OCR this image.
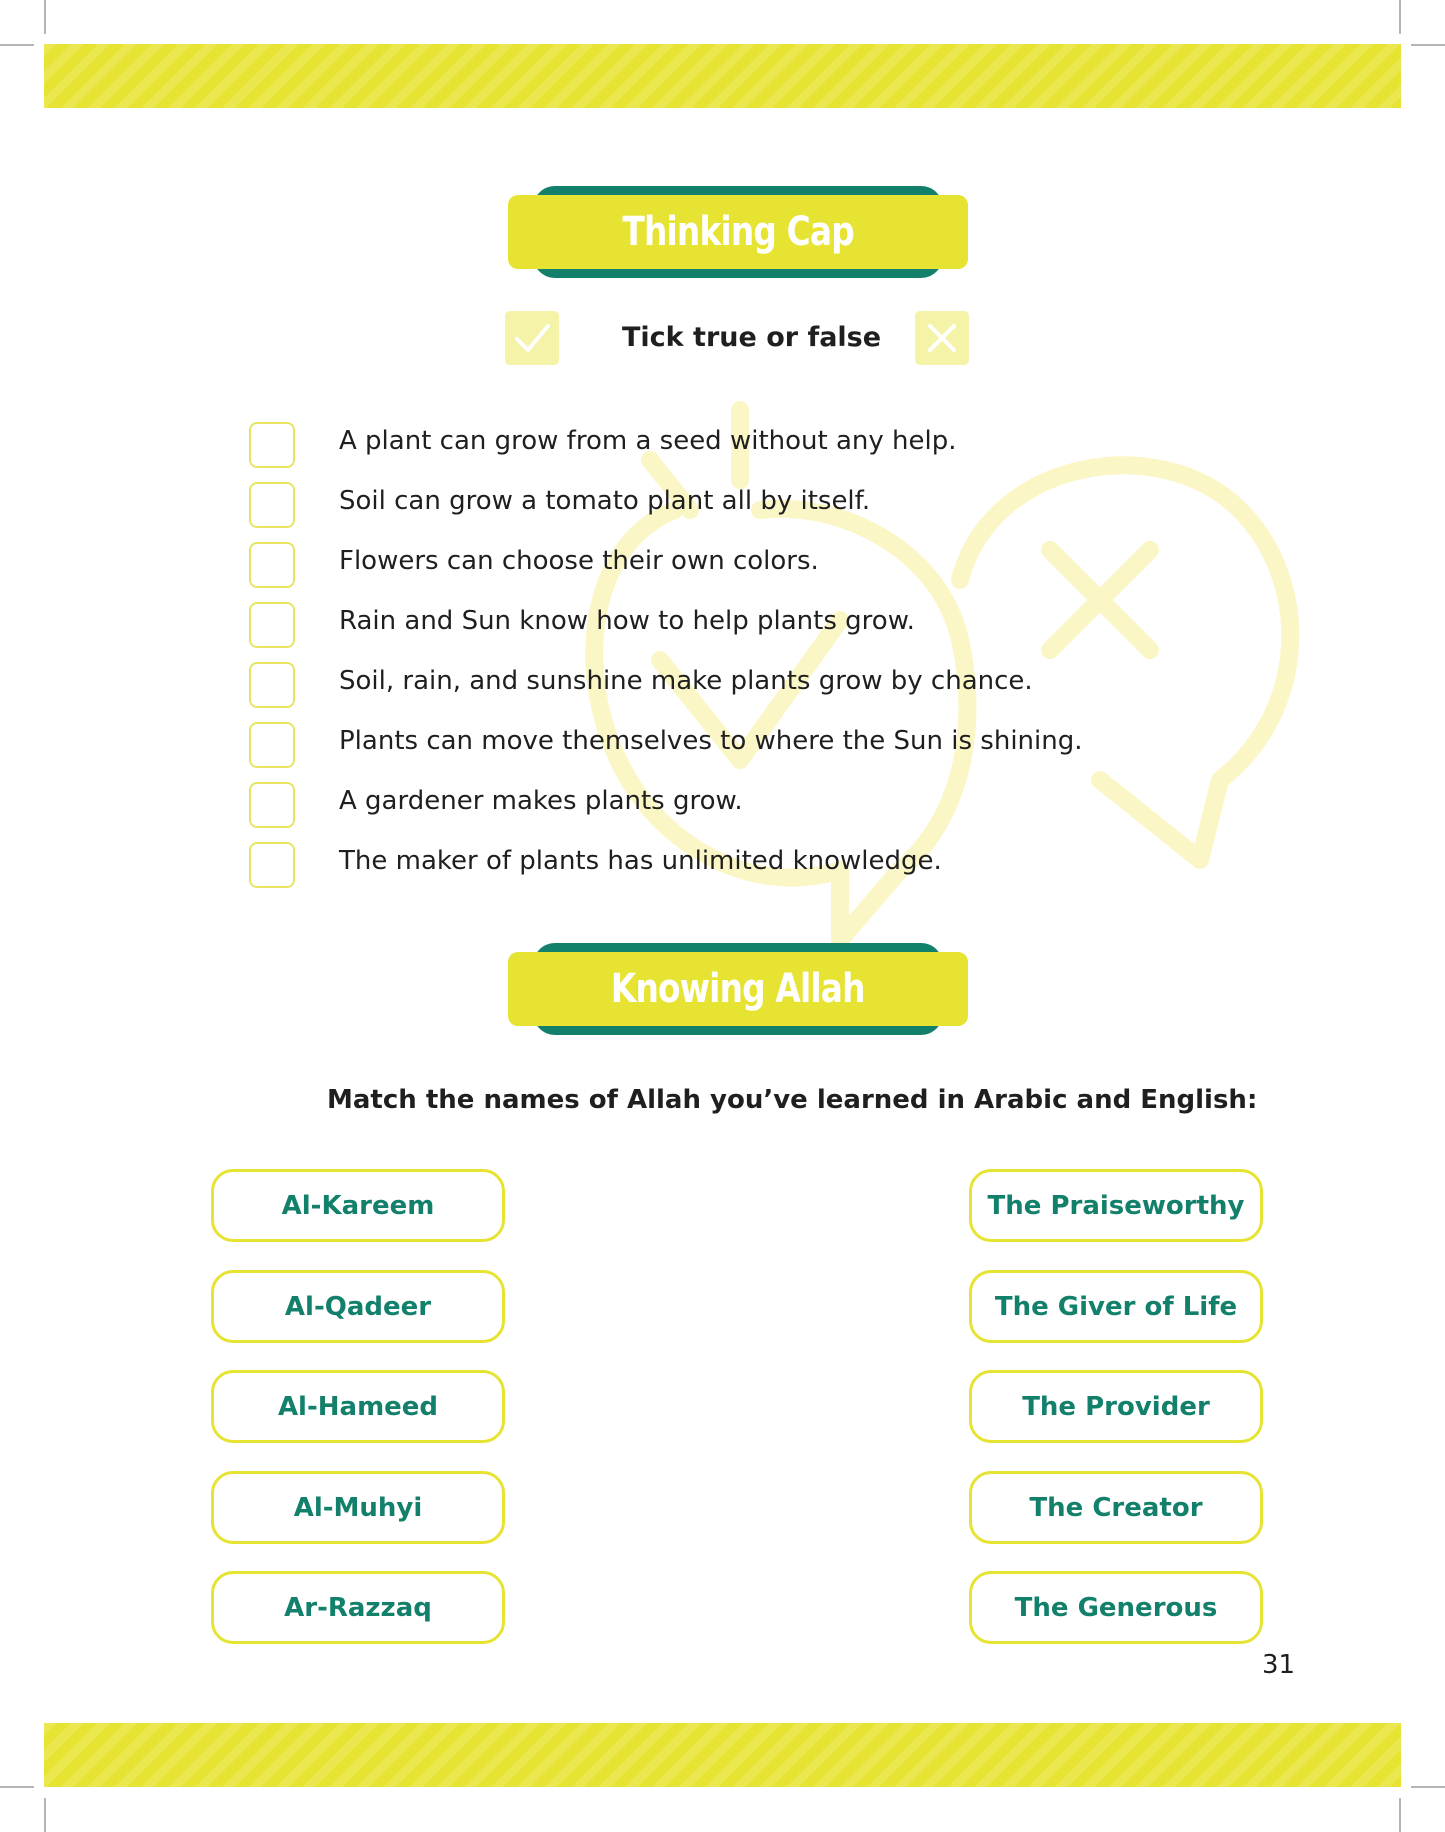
Thinking Cap
Tick true or false
A plant can grow from a seed without any help.
Soil can grow a tomato plant all by itself.
Flowers can choose their own colors.
Rain and Sun know how to help plants grow.
Soil, rain, and sunshine make plants grow by chance.
Plants can move themselves to where the Sun is shining.
A gardener makes plants grow.
The maker of plants has unlimited knowledge.
Knowing Allah
Match the names of Allah you’ve learned in Arabic and English:
Al-Kareem
Al-Qadeer
Al-Hameed
Al-Muhyi
Ar-Razzaq
The Praiseworthy
The Giver of Life
The Provider
The Creator
The Generous
31
